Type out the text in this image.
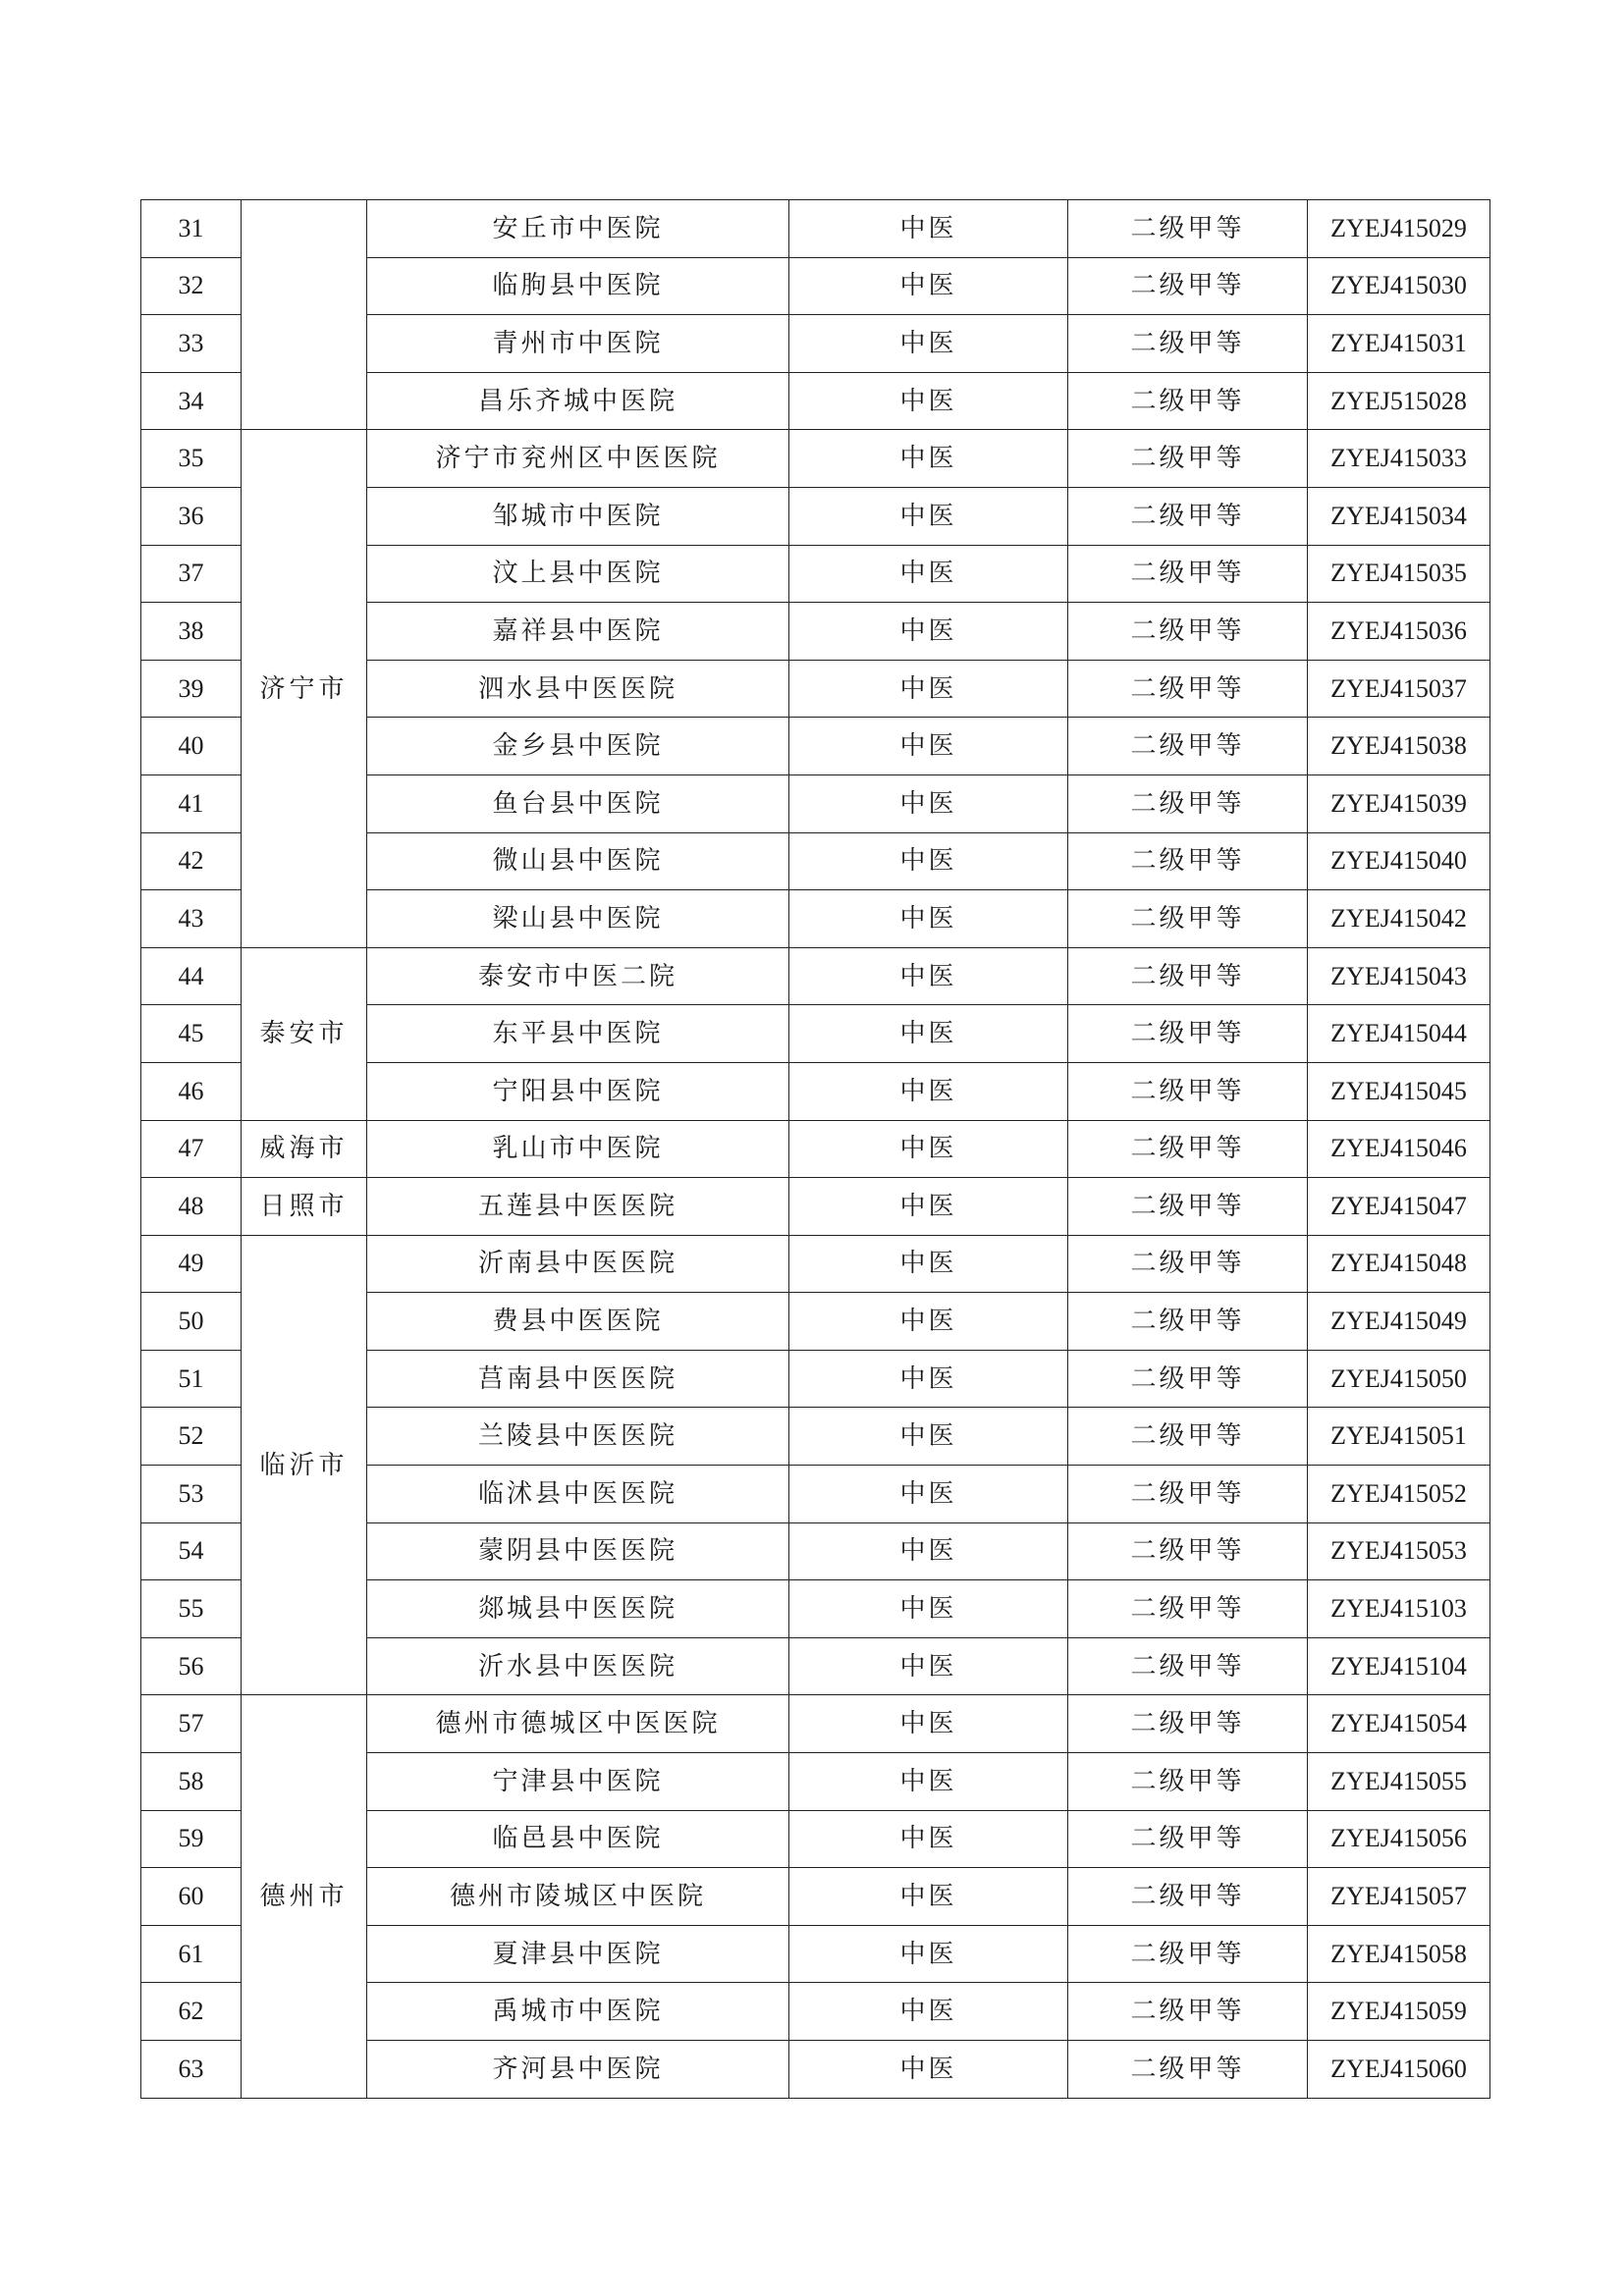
31		安丘市中医院	中医	二级甲等	ZYEJ415029
32		临朐县中医院	中医	二级甲等	ZYEJ415030
33		青州市中医院	中医	二级甲等	ZYEJ415031
34		昌乐齐城中医院	中医	二级甲等	ZYEJ515028
35	济宁市	济宁市兖州区中医医院	中医	二级甲等	ZYEJ415033
36		邹城市中医院	中医	二级甲等	ZYEJ415034
37		汶上县中医院	中医	二级甲等	ZYEJ415035
38		嘉祥县中医院	中医	二级甲等	ZYEJ415036
39		泗水县中医医院	中医	二级甲等	ZYEJ415037
40		金乡县中医院	中医	二级甲等	ZYEJ415038
41		鱼台县中医院	中医	二级甲等	ZYEJ415039
42		微山县中医院	中医	二级甲等	ZYEJ415040
43		梁山县中医院	中医	二级甲等	ZYEJ415042
44	泰安市	泰安市中医二院	中医	二级甲等	ZYEJ415043
45		东平县中医院	中医	二级甲等	ZYEJ415044
46		宁阳县中医院	中医	二级甲等	ZYEJ415045
47	威海市	乳山市中医院	中医	二级甲等	ZYEJ415046
48	日照市	五莲县中医医院	中医	二级甲等	ZYEJ415047
49	临沂市	沂南县中医医院	中医	二级甲等	ZYEJ415048
50		费县中医医院	中医	二级甲等	ZYEJ415049
51		莒南县中医医院	中医	二级甲等	ZYEJ415050
52		兰陵县中医医院	中医	二级甲等	ZYEJ415051
53		临沭县中医医院	中医	二级甲等	ZYEJ415052
54		蒙阴县中医医院	中医	二级甲等	ZYEJ415053
55		郯城县中医医院	中医	二级甲等	ZYEJ415103
56		沂水县中医医院	中医	二级甲等	ZYEJ415104
57	德州市	德州市德城区中医医院	中医	二级甲等	ZYEJ415054
58		宁津县中医院	中医	二级甲等	ZYEJ415055
59		临邑县中医院	中医	二级甲等	ZYEJ415056
60		德州市陵城区中医院	中医	二级甲等	ZYEJ415057
61		夏津县中医院	中医	二级甲等	ZYEJ415058
62		禹城市中医院	中医	二级甲等	ZYEJ415059
63		齐河县中医院	中医	二级甲等	ZYEJ415060
